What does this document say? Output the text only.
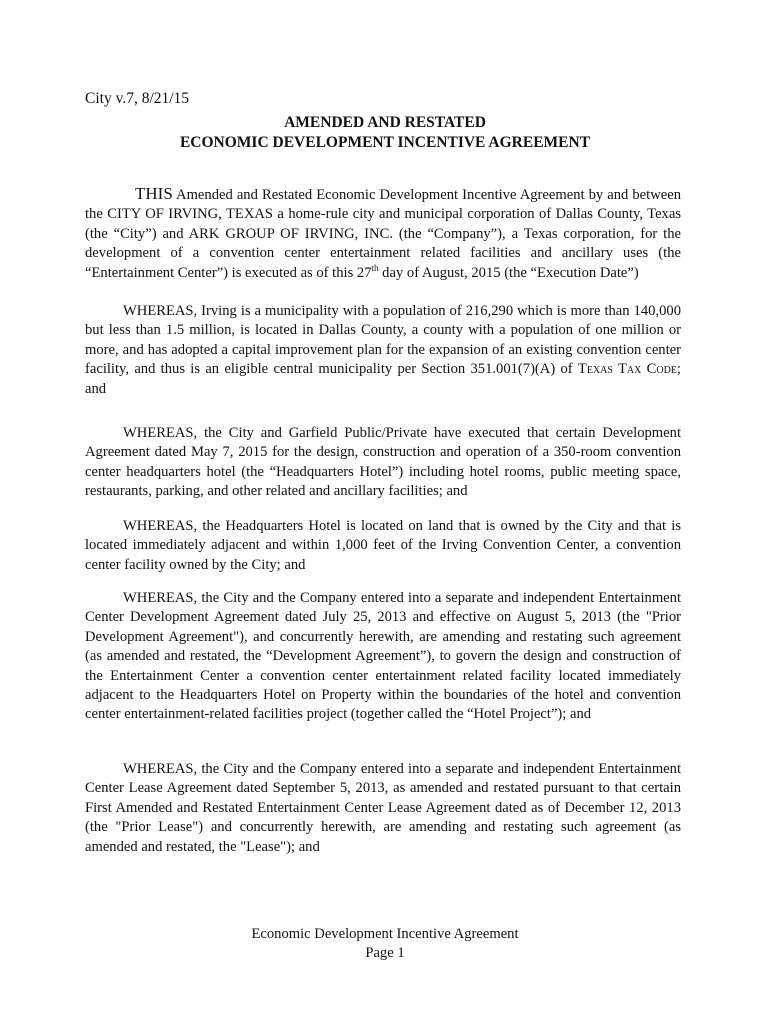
City v.7, 8/21/15
AMENDED AND RESTATED
ECONOMIC DEVELOPMENT INCENTIVE AGREEMENT

THIS Amended and Restated Economic Development Incentive Agreement by and between the CITY OF IRVING, TEXAS a home-rule city and municipal corporation of Dallas County, Texas (the “City”) and ARK GROUP OF IRVING, INC. (the “Company”), a Texas corporation, for the development of a convention center entertainment related facilities and ancillary uses (the “Entertainment Center”) is executed as of this 27th day of August, 2015 (the “Execution Date”)

WHEREAS, Irving is a municipality with a population of 216,290 which is more than 140,000 but less than 1.5 million, is located in Dallas County, a county with a population of one million or more, and has adopted a capital improvement plan for the expansion of an existing convention center facility, and thus is an eligible central municipality per Section 351.001(7)(A) of Texas Tax Code; and

WHEREAS, the City and Garfield Public/Private have executed that certain Development Agreement dated May 7, 2015 for the design, construction and operation of a 350-room convention center headquarters hotel (the “Headquarters Hotel”) including hotel rooms, public meeting space, restaurants, parking, and other related and ancillary facilities; and

WHEREAS, the Headquarters Hotel is located on land that is owned by the City and that is located immediately adjacent and within 1,000 feet of the Irving Convention Center, a convention center facility owned by the City; and

WHEREAS, the City and the Company entered into a separate and independent Entertainment Center Development Agreement dated July 25, 2013 and effective on August 5, 2013 (the "Prior Development Agreement"), and concurrently herewith, are amending and restating such agreement (as amended and restated, the “Development Agreement”), to govern the design and construction of the Entertainment Center a convention center entertainment related facility located immediately adjacent to the Headquarters Hotel on Property within the boundaries of the hotel and convention center entertainment-related facilities project (together called the “Hotel Project”); and

WHEREAS, the City and the Company entered into a separate and independent Entertainment Center Lease Agreement dated September 5, 2013, as amended and restated pursuant to that certain First Amended and Restated Entertainment Center Lease Agreement dated as of December 12, 2013 (the "Prior Lease") and concurrently herewith, are amending and restating such agreement (as amended and restated, the "Lease"); and

Economic Development Incentive Agreement
Page 1
